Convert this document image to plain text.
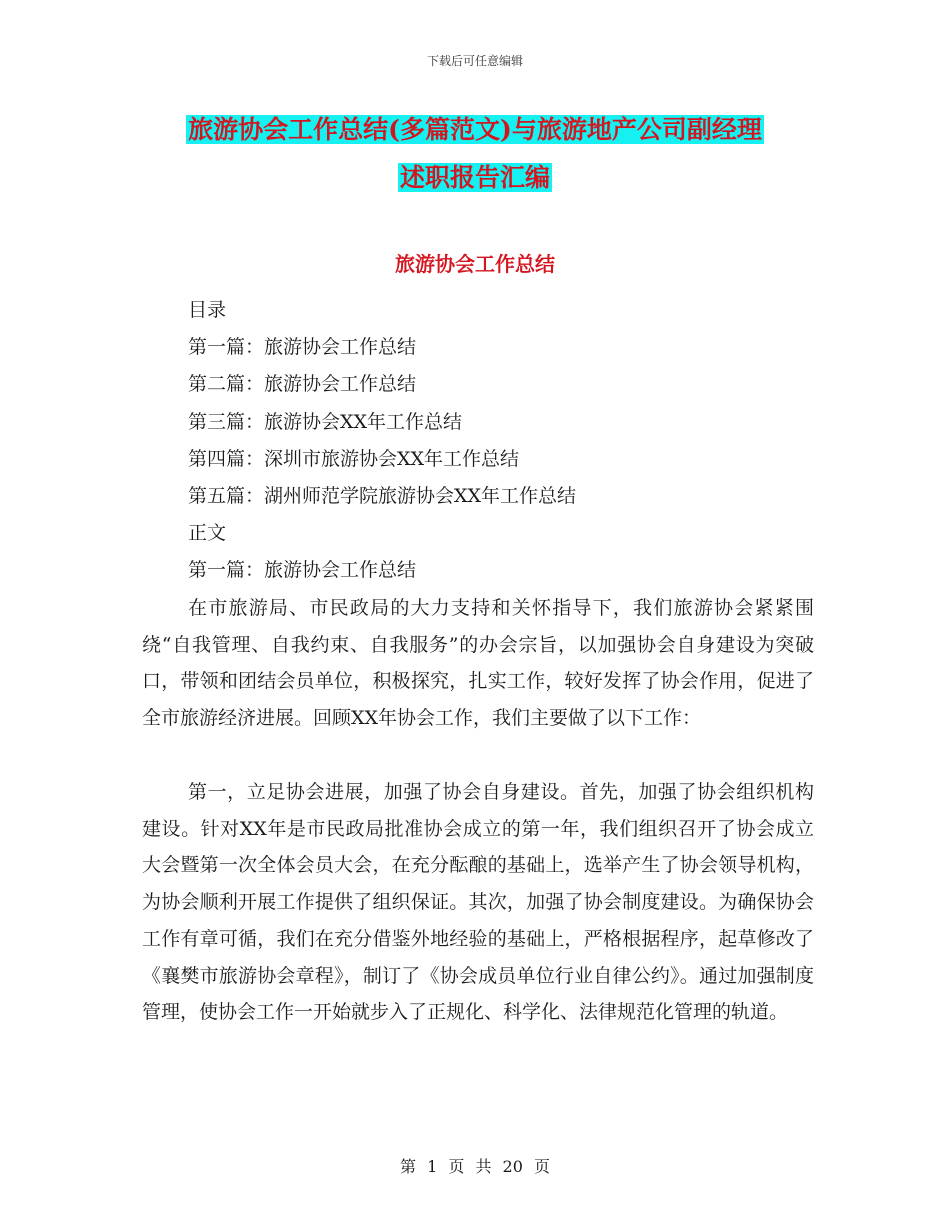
下载后可任意编辑
旅游协会工作总结(多篇范文)与旅游地产公司副经理
述职报告汇编
旅游协会工作总结
目录
第一篇：旅游协会工作总结
第二篇：旅游协会工作总结
第三篇：旅游协会XX年工作总结
第四篇：深圳市旅游协会XX年工作总结
第五篇：湖州师范学院旅游协会XX年工作总结
正文
第一篇：旅游协会工作总结
在市旅游局、市民政局的大力支持和关怀指导下，我们旅游协会紧紧围绕“自我管理、自我约束、自我服务”的办会宗旨，以加强协会自身建设为突破口，带领和团结会员单位，积极探究，扎实工作，较好发挥了协会作用，促进了全市旅游经济进展。回顾XX年协会工作，我们主要做了以下工作：
第一，立足协会进展，加强了协会自身建设。首先，加强了协会组织机构建设。针对XX年是市民政局批准协会成立的第一年，我们组织召开了协会成立大会暨第一次全体会员大会，在充分酝酿的基础上，选举产生了协会领导机构，为协会顺利开展工作提供了组织保证。其次，加强了协会制度建设。为确保协会工作有章可循，我们在充分借鉴外地经验的基础上，严格根据程序，起草修改了《襄樊市旅游协会章程》，制订了《协会成员单位行业自律公约》。通过加强制度管理，使协会工作一开始就步入了正规化、科学化、法律规范化管理的轨道。
第 1 页 共 20 页
